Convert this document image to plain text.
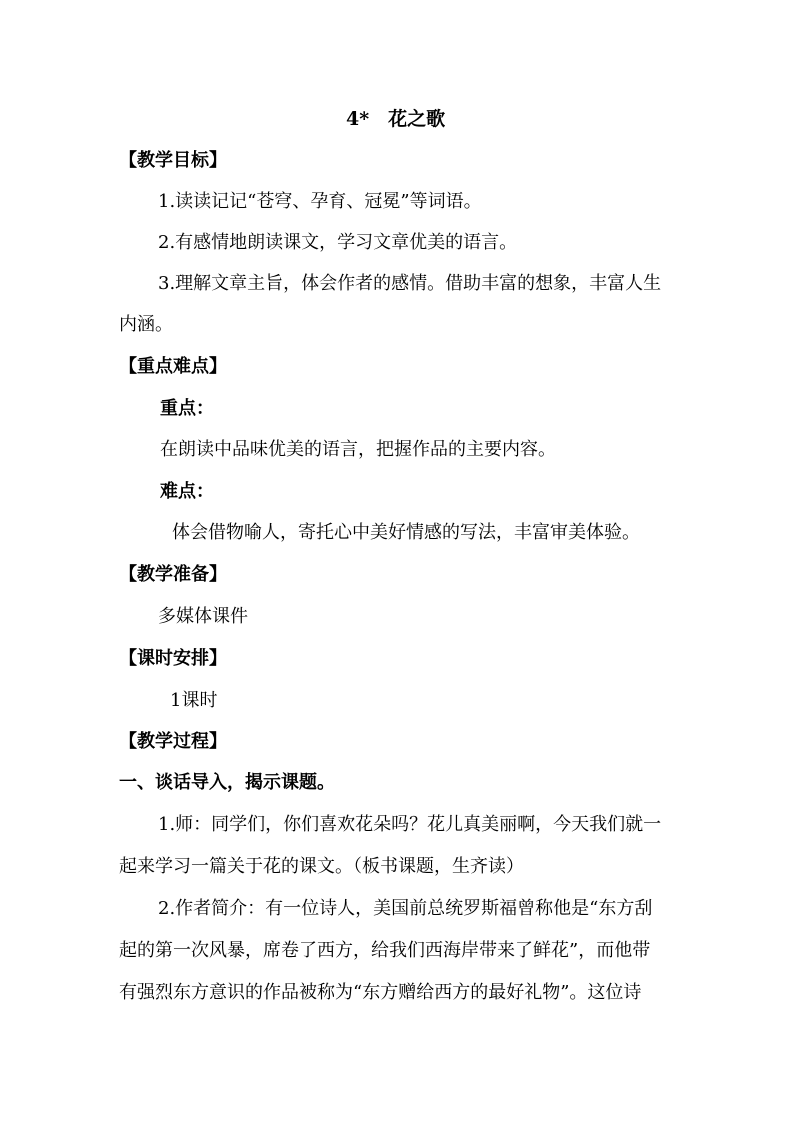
4*　花之歌
【教学目标】
1.读读记记“苍穹、孕育、冠冕”等词语。
2.有感情地朗读课文，学习文章优美的语言。
3.理解文章主旨，体会作者的感情。借助丰富的想象，丰富人生
内涵。
【重点难点】
重点：
在朗读中品味优美的语言，把握作品的主要内容。
难点：
体会借物喻人，寄托心中美好情感的写法，丰富审美体验。
【教学准备】
多媒体课件
【课时安排】
1课时
【教学过程】
一、谈话导入，揭示课题。
1.师：同学们，你们喜欢花朵吗？花儿真美丽啊，今天我们就一
起来学习一篇关于花的课文。（板书课题，生齐读）
2.作者简介：有一位诗人，美国前总统罗斯福曾称他是“东方刮
起的第一次风暴，席卷了西方，给我们西海岸带来了鲜花”，而他带
有强烈东方意识的作品被称为“东方赠给西方的最好礼物”。这位诗
